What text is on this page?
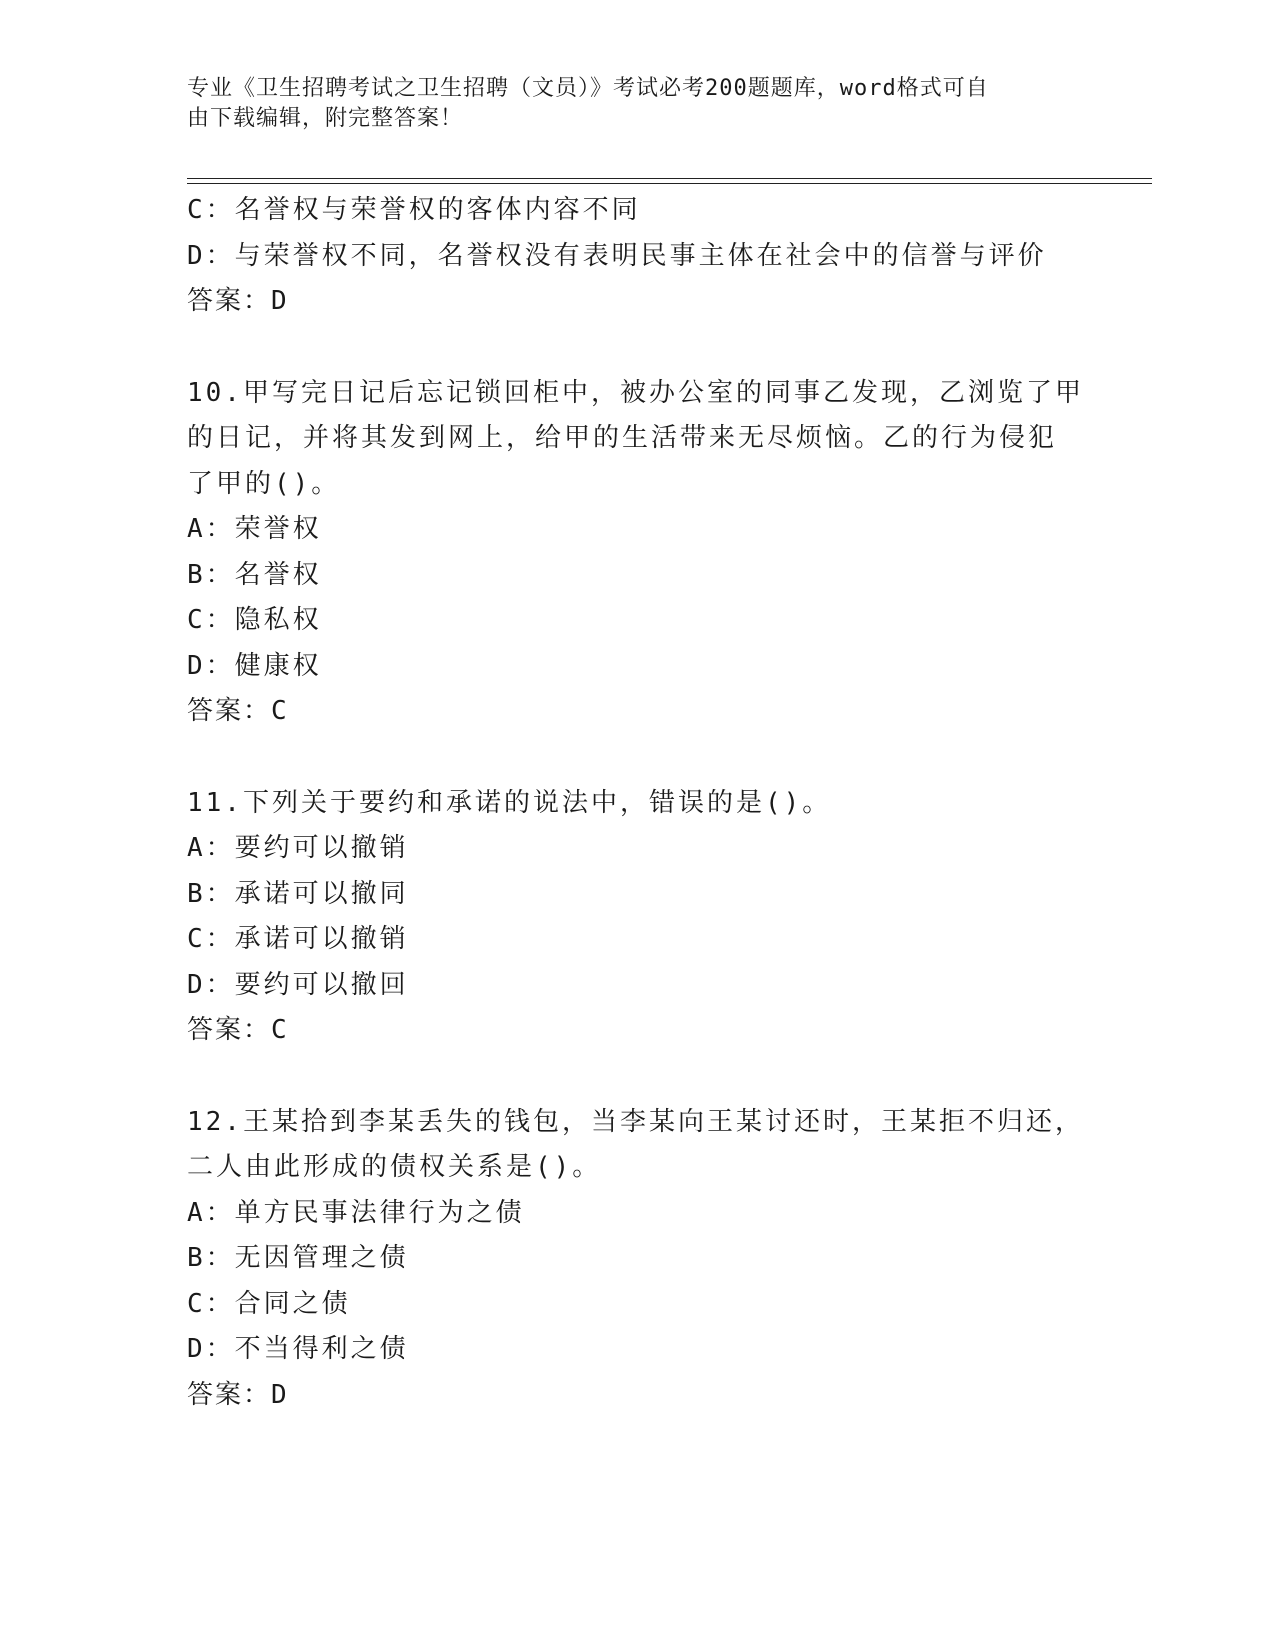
专业《卫生招聘考试之卫生招聘（文员）》考试必考200题题库，word格式可自
由下载编辑，附完整答案！
C：名誉权与荣誉权的客体内容不同
D：与荣誉权不同，名誉权没有表明民事主体在社会中的信誉与评价
答案：D
10.甲写完日记后忘记锁回柜中，被办公室的同事乙发现，乙浏览了甲
的日记，并将其发到网上，给甲的生活带来无尽烦恼。乙的行为侵犯
了甲的()。
A：荣誉权
B：名誉权
C：隐私权
D：健康权
答案：C
11.下列关于要约和承诺的说法中，错误的是()。
A：要约可以撤销
B：承诺可以撤同
C：承诺可以撤销
D：要约可以撤回
答案：C
12.王某拾到李某丢失的钱包，当李某向王某讨还时，王某拒不归还，
二人由此形成的债权关系是()。
A：单方民事法律行为之债
B：无因管理之债
C：合同之债
D：不当得利之债
答案：D
